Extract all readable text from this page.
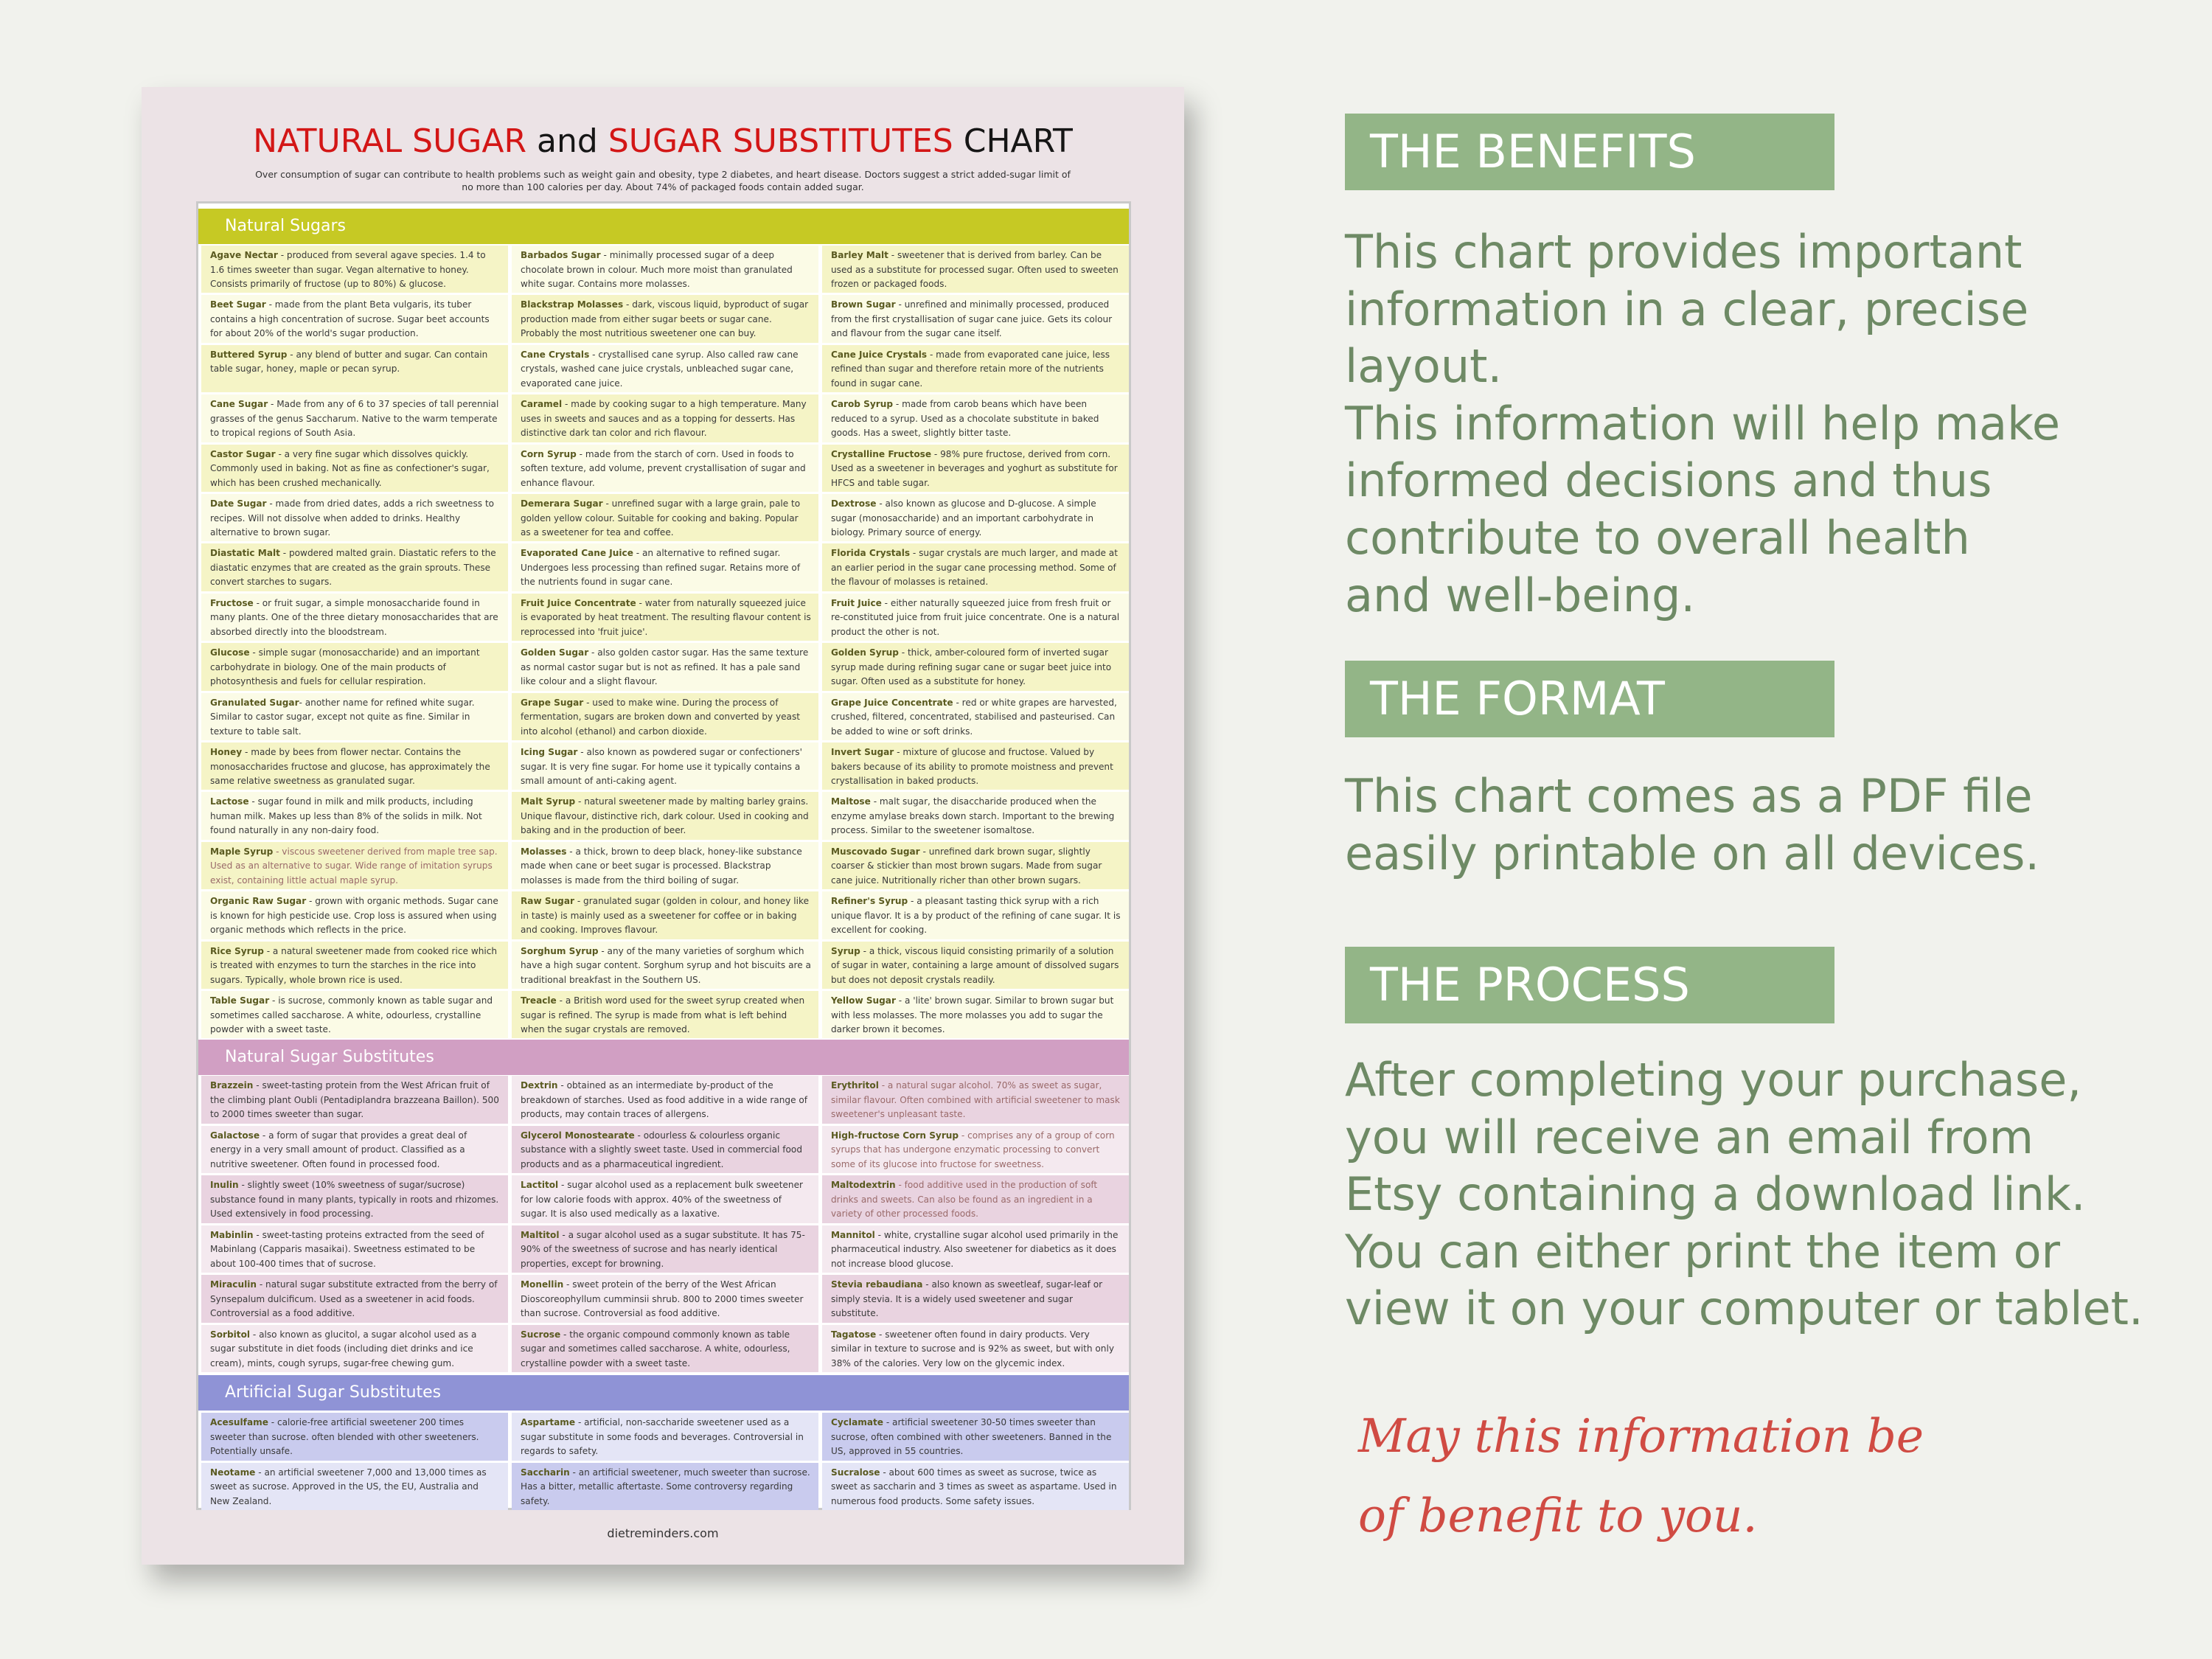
NATURAL SUGAR and SUGAR SUBSTITUTES CHART
Over consumption of sugar can contribute to health problems such as weight gain and obesity, type 2 diabetes, and heart disease. Doctors suggest a strict added-sugar limit of no more than 100 calories per day. About 74% of packaged foods contain added sugar.
Natural Sugars
Agave Nectar - produced from several agave species. 1.4 to 1.6 times sweeter than sugar. Vegan alternative to honey. Consists primarily of fructose (up to 80%) & glucose.
Barbados Sugar - minimally processed sugar of a deep chocolate brown in colour. Much more moist than granulated white sugar. Contains more molasses.
Barley Malt - sweetener that is derived from barley. Can be used as a substitute for processed sugar. Often used to sweeten frozen or packaged foods.
Beet Sugar - made from the plant Beta vulgaris, its tuber contains a high concentration of sucrose. Sugar beet accounts for about 20% of the world's sugar production.
Blackstrap Molasses - dark, viscous liquid, byproduct of sugar production made from either sugar beets or sugar cane. Probably the most nutritious sweetener one can buy.
Brown Sugar - unrefined and minimally processed, produced from the first crystallisation of sugar cane juice. Gets its colour and flavour from the sugar cane itself.
Buttered Syrup - any blend of butter and sugar. Can contain table sugar, honey, maple or pecan syrup.
Cane Crystals - crystallised cane syrup. Also called raw cane crystals, washed cane juice crystals, unbleached sugar cane, evaporated cane juice.
Cane Juice Crystals - made from evaporated cane juice, less refined than sugar and therefore retain more of the nutrients found in sugar cane.
Cane Sugar - Made from any of 6 to 37 species of tall perennial grasses of the genus Saccharum. Native to the warm temperate to tropical regions of South Asia.
Caramel - made by cooking sugar to a high temperature. Many uses in sweets and sauces and as a topping for desserts. Has distinctive dark tan color and rich flavour.
Carob Syrup - made from carob beans which have been reduced to a syrup. Used as a chocolate substitute in baked goods. Has a sweet, slightly bitter taste.
Castor Sugar - a very fine sugar which dissolves quickly. Commonly used in baking. Not as fine as confectioner's sugar, which has been crushed mechanically.
Corn Syrup - made from the starch of corn. Used in foods to soften texture, add volume, prevent crystallisation of sugar and enhance flavour.
Crystalline Fructose - 98% pure fructose, derived from corn. Used as a sweetener in beverages and yoghurt as substitute for HFCS and table sugar.
Date Sugar - made from dried dates, adds a rich sweetness to recipes. Will not dissolve when added to drinks. Healthy alternative to brown sugar.
Demerara Sugar - unrefined sugar with a large grain, pale to golden yellow colour. Suitable for cooking and baking. Popular as a sweetener for tea and coffee.
Dextrose - also known as glucose and D-glucose. A simple sugar (monosaccharide) and an important carbohydrate in biology. Primary source of energy.
Diastatic Malt - powdered malted grain. Diastatic refers to the diastatic enzymes that are created as the grain sprouts. These convert starches to sugars.
Evaporated Cane Juice - an alternative to refined sugar. Undergoes less processing than refined sugar. Retains more of the nutrients found in sugar cane.
Florida Crystals - sugar crystals are much larger, and made at an earlier period in the sugar cane processing method. Some of the flavour of molasses is retained.
Fructose - or fruit sugar, a simple monosaccharide found in many plants. One of the three dietary monosaccharides that are absorbed directly into the bloodstream.
Fruit Juice Concentrate - water from naturally squeezed juice is evaporated by heat treatment. The resulting flavour content is reprocessed into 'fruit juice'.
Fruit Juice - either naturally squeezed juice from fresh fruit or re-constituted juice from fruit juice concentrate. One is a natural product the other is not.
Glucose - simple sugar (monosaccharide) and an important carbohydrate in biology. One of the main products of photosynthesis and fuels for cellular respiration.
Golden Sugar - also golden castor sugar. Has the same texture as normal castor sugar but is not as refined. It has a pale sand like colour and a slight flavour.
Golden Syrup - thick, amber-coloured form of inverted sugar syrup made during refining sugar cane or sugar beet juice into sugar. Often used as a substitute for honey.
Granulated Sugar- another name for refined white sugar. Similar to castor sugar, except not quite as fine. Similar in texture to table salt.
Grape Sugar - used to make wine. During the process of fermentation, sugars are broken down and converted by yeast into alcohol (ethanol) and carbon dioxide.
Grape Juice Concentrate - red or white grapes are harvested, crushed, filtered, concentrated, stabilised and pasteurised. Can be added to wine or soft drinks.
Honey - made by bees from flower nectar. Contains the monosaccharides fructose and glucose, has approximately the same relative sweetness as granulated sugar.
Icing Sugar - also known as powdered sugar or confectioners' sugar. It is very fine sugar. For home use it typically contains a small amount of anti-caking agent.
Invert Sugar - mixture of glucose and fructose. Valued by bakers because of its ability to promote moistness and prevent crystallisation in baked products.
Lactose - sugar found in milk and milk products, including human milk. Makes up less than 8% of the solids in milk. Not found naturally in any non-dairy food.
Malt Syrup - natural sweetener made by malting barley grains. Unique flavour, distinctive rich, dark colour. Used in cooking and baking and in the production of beer.
Maltose - malt sugar, the disaccharide produced when the enzyme amylase breaks down starch. Important to the brewing process. Similar to the sweetener isomaltose.
Maple Syrup - viscous sweetener derived from maple tree sap. Used as an alternative to sugar. Wide range of imitation syrups exist, containing little actual maple syrup.
Molasses - a thick, brown to deep black, honey-like substance made when cane or beet sugar is processed. Blackstrap molasses is made from the third boiling of sugar.
Muscovado Sugar - unrefined dark brown sugar, slightly coarser & stickier than most brown sugars. Made from sugar cane juice. Nutritionally richer than other brown sugars.
Organic Raw Sugar - grown with organic methods. Sugar cane is known for high pesticide use. Crop loss is assured when using organic methods which reflects in the price.
Raw Sugar - granulated sugar (golden in colour, and honey like in taste) is mainly used as a sweetener for coffee or in baking and cooking. Improves flavour.
Refiner's Syrup - a pleasant tasting thick syrup with a rich unique flavor. It is a by product of the refining of cane sugar. It is excellent for cooking.
Rice Syrup - a natural sweetener made from cooked rice which is treated with enzymes to turn the starches in the rice into sugars. Typically, whole brown rice is used.
Sorghum Syrup - any of the many varieties of sorghum which have a high sugar content. Sorghum syrup and hot biscuits are a traditional breakfast in the Southern US.
Syrup - a thick, viscous liquid consisting primarily of a solution of sugar in water, containing a large amount of dissolved sugars but does not deposit crystals readily.
Table Sugar - is sucrose, commonly known as table sugar and sometimes called saccharose. A white, odourless, crystalline powder with a sweet taste.
Treacle - a British word used for the sweet syrup created when sugar is refined. The syrup is made from what is left behind when the sugar crystals are removed.
Yellow Sugar - a 'lite' brown sugar. Similar to brown sugar but with less molasses. The more molasses you add to sugar the darker brown it becomes.
Natural Sugar Substitutes
Brazzein - sweet-tasting protein from the West African fruit of the climbing plant Oubli (Pentadiplandra brazzeana Baillon). 500 to 2000 times sweeter than sugar.
Dextrin - obtained as an intermediate by-product of the breakdown of starches. Used as food additive in a wide range of products, may contain traces of allergens.
Erythritol - a natural sugar alcohol. 70% as sweet as sugar, similar flavour. Often combined with artificial sweetener to mask sweetener's unpleasant taste.
Galactose - a form of sugar that provides a great deal of energy in a very small amount of product. Classified as a nutritive sweetener. Often found in processed food.
Glycerol Monostearate - odourless & colourless organic substance with a slightly sweet taste. Used in commercial food products and as a pharmaceutical ingredient.
High-fructose Corn Syrup - comprises any of a group of corn syrups that has undergone enzymatic processing to convert some of its glucose into fructose for sweetness.
Inulin - slightly sweet (10% sweetness of sugar/sucrose) substance found in many plants, typically in roots and rhizomes. Used extensively in food processing.
Lactitol - sugar alcohol used as a replacement bulk sweetener for low calorie foods with approx. 40% of the sweetness of sugar. It is also used medically as a laxative.
Maltodextrin - food additive used in the production of soft drinks and sweets. Can also be found as an ingredient in a variety of other processed foods.
Mabinlin - sweet-tasting proteins extracted from the seed of Mabinlang (Capparis masaikai). Sweetness estimated to be about 100-400 times that of sucrose.
Maltitol - a sugar alcohol used as a sugar substitute. It has 75-90% of the sweetness of sucrose and has nearly identical properties, except for browning.
Mannitol - white, crystalline sugar alcohol used primarily in the pharmaceutical industry. Also sweetener for diabetics as it does not increase blood glucose.
Miraculin - natural sugar substitute extracted from the berry of Synsepalum dulcificum. Used as a sweetener in acid foods. Controversial as a food additive.
Monellin - sweet protein of the berry of the West African Dioscoreophyllum cumminsii shrub. 800 to 2000 times sweeter than sucrose. Controversial as food additive.
Stevia rebaudiana - also known as sweetleaf, sugar-leaf or simply stevia. It is a widely used sweetener and sugar substitute.
Sorbitol - also known as glucitol, a sugar alcohol used as a sugar substitute in diet foods (including diet drinks and ice cream), mints, cough syrups, sugar-free chewing gum.
Sucrose - the organic compound commonly known as table sugar and sometimes called saccharose. A white, odourless, crystalline powder with a sweet taste.
Tagatose - sweetener often found in dairy products. Very similar in texture to sucrose and is 92% as sweet, but with only 38% of the calories. Very low on the glycemic index.
Artificial Sugar Substitutes
Acesulfame - calorie-free artificial sweetener 200 times sweeter than sucrose. often blended with other sweeteners. Potentially unsafe.
Aspartame - artificial, non-saccharide sweetener used as a sugar substitute in some foods and beverages. Controversial in regards to safety.
Cyclamate - artificial sweetener 30-50 times sweeter than sucrose, often combined with other sweeteners. Banned in the US, approved in 55 countries.
Neotame - an artificial sweetener 7,000 and 13,000 times as sweet as sucrose. Approved in the US, the EU, Australia and New Zealand.
Saccharin - an artificial sweetener, much sweeter than sucrose. Has a bitter, metallic aftertaste. Some controversy regarding safety.
Sucralose - about 600 times as sweet as sucrose, twice as sweet as saccharin and 3 times as sweet as aspartame. Used in numerous food products. Some safety issues.
dietreminders.com
THE BENEFITS
This chart provides important
information in a clear, precise
layout.
This information will help make
informed decisions and thus
contribute to overall health
and well-being.
THE FORMAT
This chart comes as a PDF file
easily printable on all devices.
THE PROCESS
After completing your purchase,
you will receive an email from
Etsy containing a download link.
You can either print the item or
view it on your computer or tablet.
May this information be
of benefit to you.
